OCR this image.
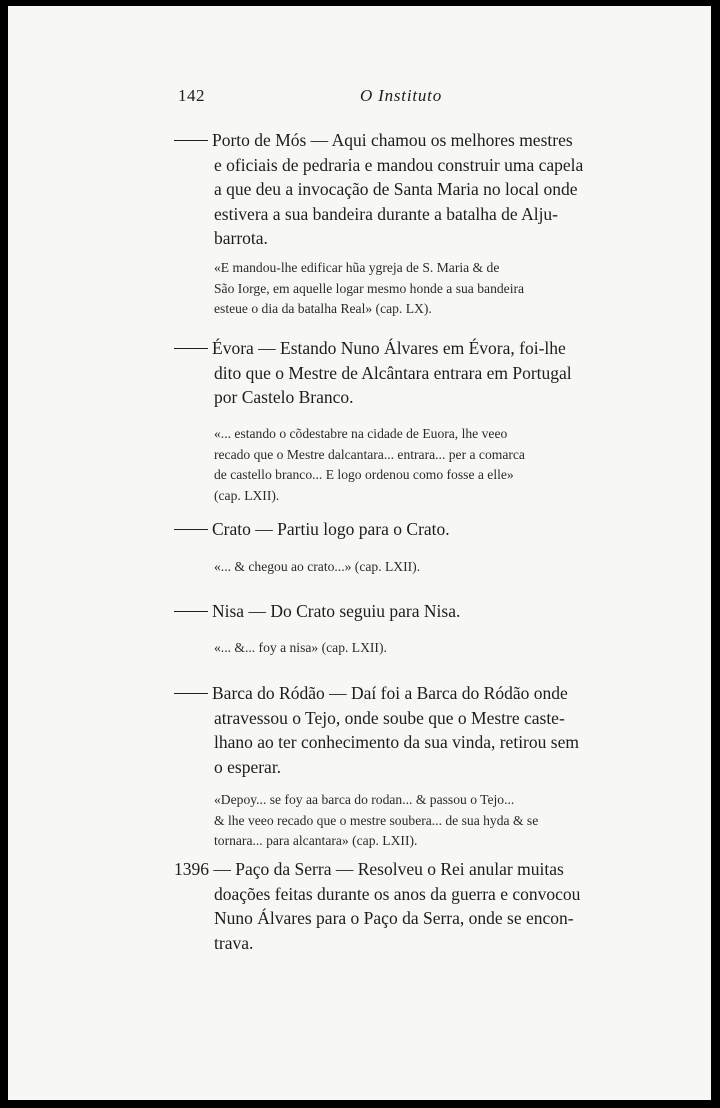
142	O Instituto

Porto de Mós — Aqui chamou os melhores mestres

e oficiais de pedraria e mandou construir uma capela

a que deu a invocação de Santa Maria no local onde

estivera a sua bandeira durante a batalha de Alju-

barrota.

«E mandou-lhe edificar hũa ygreja de S. Maria & de

São Iorge, em aquelle logar mesmo honde a sua bandeira

esteue o dia da batalha Real» (cap. LX).

Évora — Estando Nuno Álvares em Évora, foi-lhe

dito que o Mestre de Alcântara entrara em Portugal

por Castelo Branco.

«... estando o cõdestabre na cidade de Euora, lhe veeo

recado que o Mestre dalcantara... entrara... per a comarca

de castello branco... E logo ordenou como fosse a elle»

(cap. LXII).

Crato — Partiu logo para o Crato.

«... & chegou ao crato...» (cap. LXII).

Nisa — Do Crato seguiu para Nisa.

«... &... foy a nisa» (cap. LXII).

Barca do Ródão — Daí foi a Barca do Ródão onde

atravessou o Tejo, onde soube que o Mestre caste-

lhano ao ter conhecimento da sua vinda, retirou sem

o esperar.

«Depoy... se foy aa barca do rodan... & passou o Tejo...

& lhe veeo recado que o mestre soubera... de sua hyda & se

tornara... para alcantara» (cap. LXII).

1396 — Paço da Serra — Resolveu o Rei anular muitas

doações feitas durante os anos da guerra e convocou

Nuno Álvares para o Paço da Serra, onde se encon-

trava.
